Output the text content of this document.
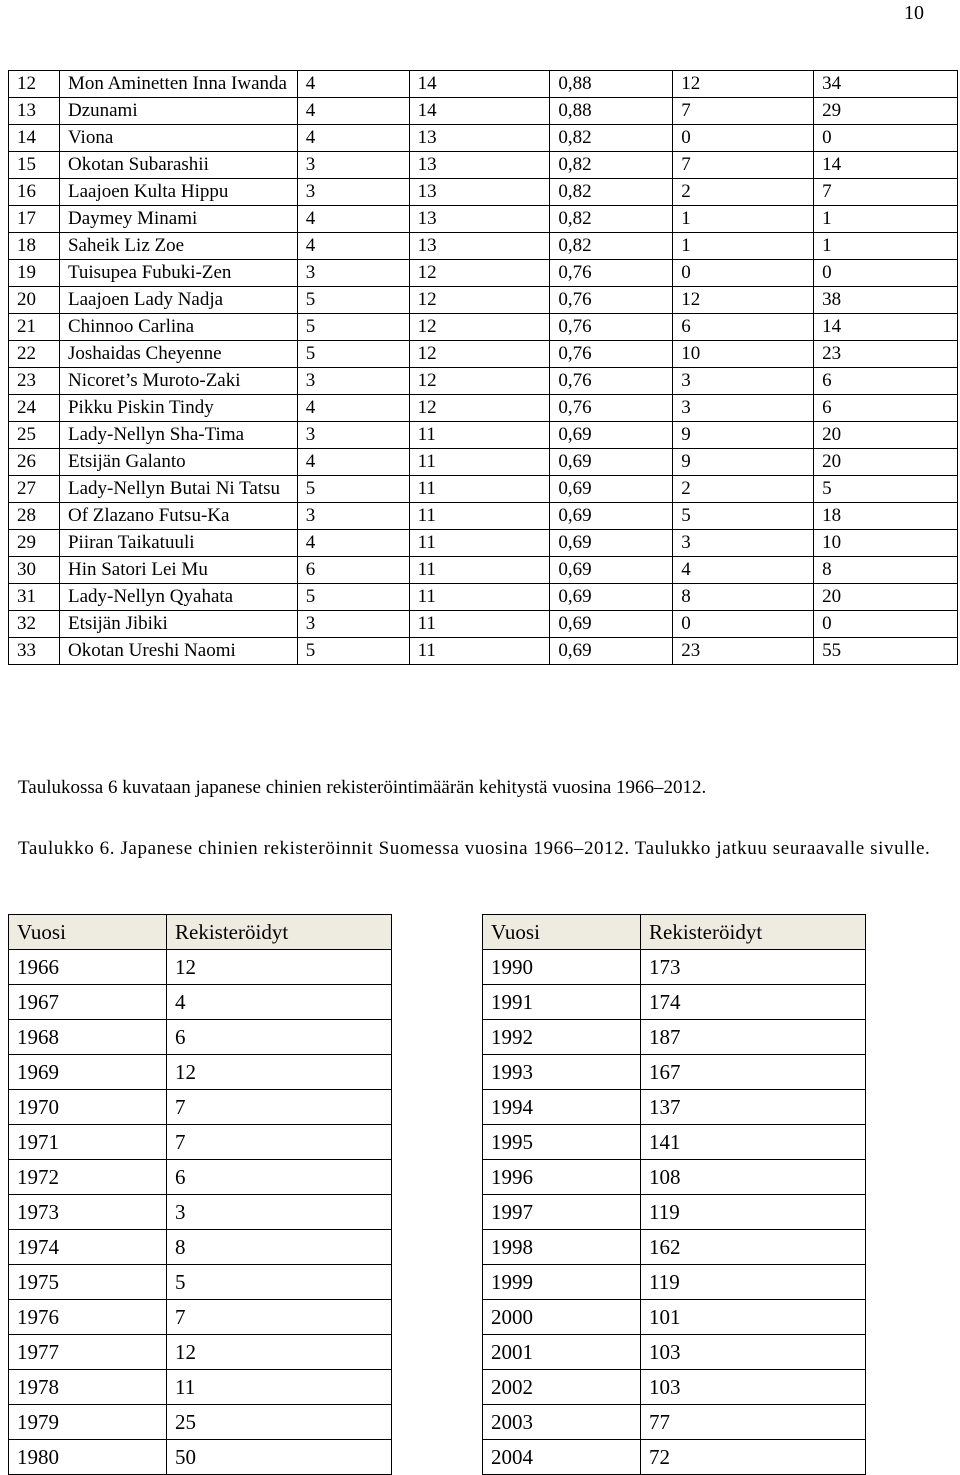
10
12	Mon Aminetten Inna Iwanda	4	14	0,88	12	34
13	Dzunami	4	14	0,88	7	29
14	Viona	4	13	0,82	0	0
15	Okotan Subarashii	3	13	0,82	7	14
16	Laajoen Kulta Hippu	3	13	0,82	2	7
17	Daymey Minami	4	13	0,82	1	1
18	Saheik Liz Zoe	4	13	0,82	1	1
19	Tuisupea Fubuki-Zen	3	12	0,76	0	0
20	Laajoen Lady Nadja	5	12	0,76	12	38
21	Chinnoo Carlina	5	12	0,76	6	14
22	Joshaidas Cheyenne	5	12	0,76	10	23
23	Nicoret’s Muroto-Zaki	3	12	0,76	3	6
24	Pikku Piskin Tindy	4	12	0,76	3	6
25	Lady-Nellyn Sha-Tima	3	11	0,69	9	20
26	Etsijän Galanto	4	11	0,69	9	20
27	Lady-Nellyn Butai Ni Tatsu	5	11	0,69	2	5
28	Of Zlazano Futsu-Ka	3	11	0,69	5	18
29	Piiran Taikatuuli	4	11	0,69	3	10
30	Hin Satori Lei Mu	6	11	0,69	4	8
31	Lady-Nellyn Qyahata	5	11	0,69	8	20
32	Etsijän Jibiki	3	11	0,69	0	0
33	Okotan Ureshi Naomi	5	11	0,69	23	55
Taulukossa 6 kuvataan japanese chinien rekisteröintimäärän kehitystä vuosina 1966–2012.
Taulukko 6. Japanese chinien rekisteröinnit Suomessa vuosina 1966–2012. Taulukko jatkuu seuraavalle sivulle.
Vuosi	Rekisteröidyt
1966	12
1967	4
1968	6
1969	12
1970	7
1971	7
1972	6
1973	3
1974	8
1975	5
1976	7
1977	12
1978	11
1979	25
1980	50
Vuosi	Rekisteröidyt
1990	173
1991	174
1992	187
1993	167
1994	137
1995	141
1996	108
1997	119
1998	162
1999	119
2000	101
2001	103
2002	103
2003	77
2004	72
